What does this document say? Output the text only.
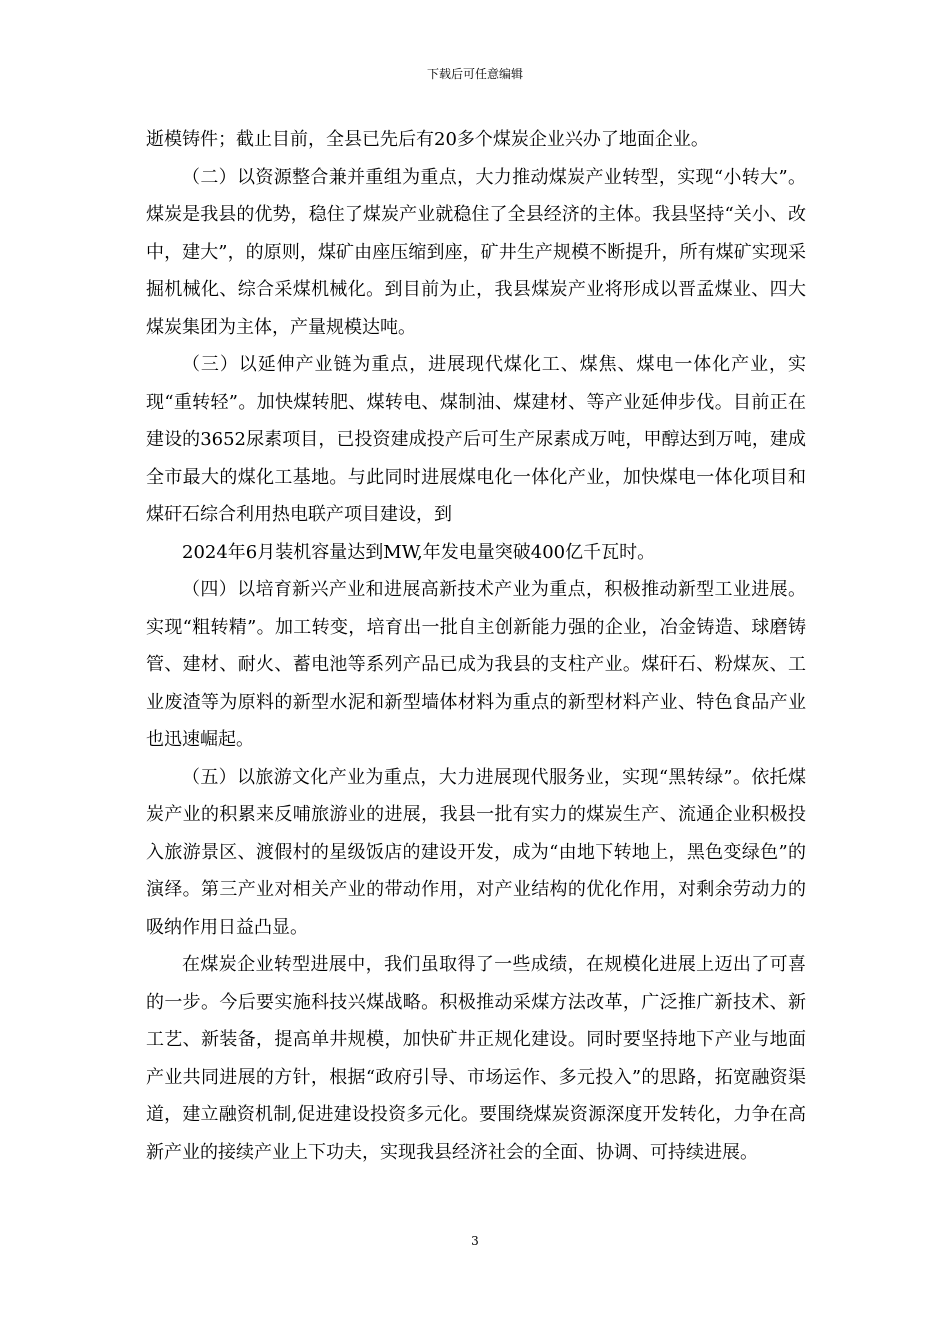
下载后可任意编辑

逝模铸件；截止目前，全县已先后有20多个煤炭企业兴办了地面企业。

（二）以资源整合兼并重组为重点，大力推动煤炭产业转型，实现“小转大”。煤炭是我县的优势，稳住了煤炭产业就稳住了全县经济的主体。我县坚持“关小、改中，建大”，的原则，煤矿由座压缩到座，矿井生产规模不断提升，所有煤矿实现采掘机械化、综合采煤机械化。到目前为止，我县煤炭产业将形成以晋孟煤业、四大煤炭集团为主体，产量规模达吨。

（三）以延伸产业链为重点，进展现代煤化工、煤焦、煤电一体化产业，实现“重转轻”。加快煤转肥、煤转电、煤制油、煤建材、等产业延伸步伐。目前正在建设的3652尿素项目，已投资建成投产后可生产尿素成万吨，甲醇达到万吨，建成全市最大的煤化工基地。与此同时进展煤电化一体化产业，加快煤电一体化项目和煤矸石综合利用热电联产项目建设，到

2024年6月装机容量达到MW,年发电量突破400亿千瓦时。

（四）以培育新兴产业和进展高新技术产业为重点，积极推动新型工业进展。实现“粗转精”。加工转变，培育出一批自主创新能力强的企业，冶金铸造、球磨铸管、建材、耐火、蓄电池等系列产品已成为我县的支柱产业。煤矸石、粉煤灰、工业废渣等为原料的新型水泥和新型墙体材料为重点的新型材料产业、特色食品产业也迅速崛起。

（五）以旅游文化产业为重点，大力进展现代服务业，实现“黑转绿”。依托煤炭产业的积累来反哺旅游业的进展，我县一批有实力的煤炭生产、流通企业积极投入旅游景区、渡假村的星级饭店的建设开发，成为“由地下转地上，黑色变绿色”的演绎。第三产业对相关产业的带动作用，对产业结构的优化作用，对剩余劳动力的吸纳作用日益凸显。

在煤炭企业转型进展中，我们虽取得了一些成绩，在规模化进展上迈出了可喜的一步。今后要实施科技兴煤战略。积极推动采煤方法改革，广泛推广新技术、新工艺、新装备，提高单井规模，加快矿井正规化建设。同时要坚持地下产业与地面产业共同进展的方针，根据“政府引导、市场运作、多元投入”的思路，拓宽融资渠道，建立融资机制,促进建设投资多元化。要围绕煤炭资源深度开发转化，力争在高新产业的接续产业上下功夫，实现我县经济社会的全面、协调、可持续进展。

3
